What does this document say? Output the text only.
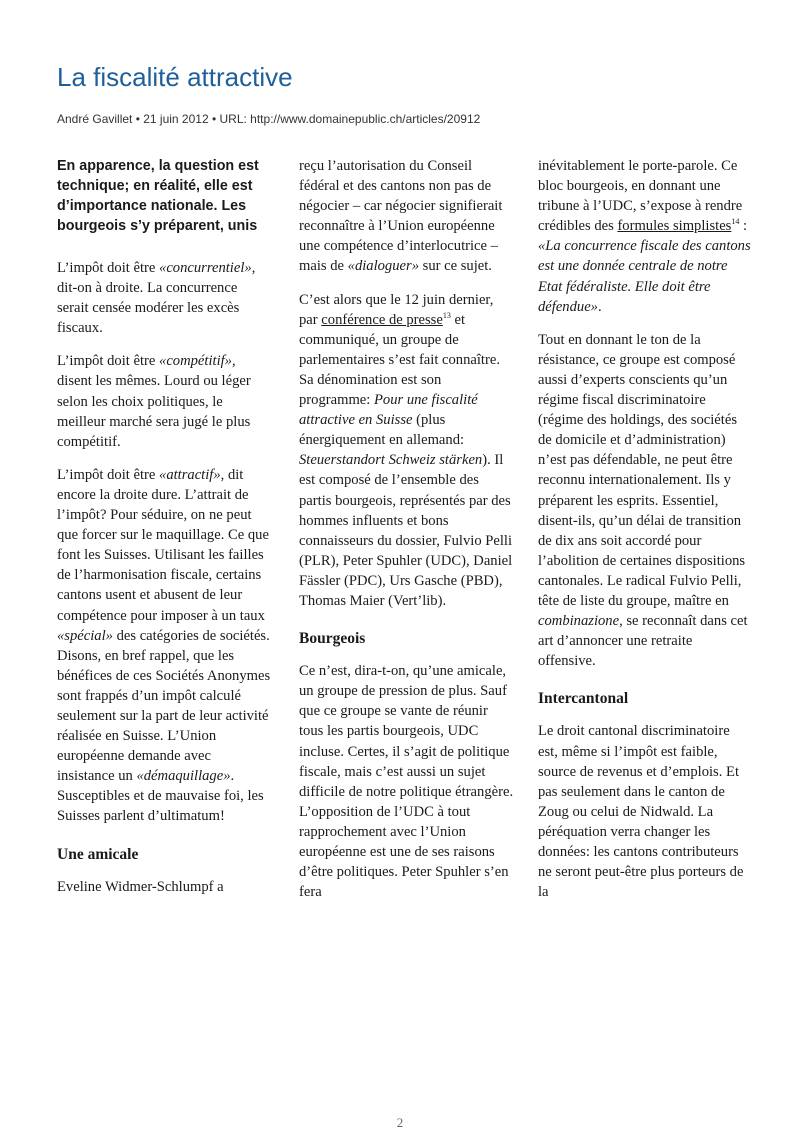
La fiscalité attractive
André Gavillet • 21 juin 2012 • URL: http://www.domainepublic.ch/articles/20912

En apparence, la question est technique; en réalité, elle est d’importance nationale. Les bourgeois s’y préparent, unis

L’impôt doit être «concurrentiel», dit-on à droite. La concurrence serait censée modérer les excès fiscaux.

L’impôt doit être «compétitif», disent les mêmes. Lourd ou léger selon les choix politiques, le meilleur marché sera jugé le plus compétitif.

L’impôt doit être «attractif», dit encore la droite dure. L’attrait de l’impôt? Pour séduire, on ne peut que forcer sur le maquillage. Ce que font les Suisses. Utilisant les failles de l’harmonisation fiscale, certains cantons usent et abusent de leur compétence pour imposer à un taux «spécial» des catégories de sociétés. Disons, en bref rappel, que les bénéfices de ces Sociétés Anonymes sont frappés d’un impôt calculé seulement sur la part de leur activité réalisée en Suisse. L’Union européenne demande avec insistance un «démaquillage». Susceptibles et de mauvaise foi, les Suisses parlent d’ultimatum!

Une amicale

Eveline Widmer-Schlumpf a

reçu l’autorisation du Conseil fédéral et des cantons non pas de négocier – car négocier signifierait reconnaître à l’Union européenne une compétence d’interlocutrice – mais de «dialoguer» sur ce sujet.

C’est alors que le 12 juin dernier, par conférence de presse$^{13}$ et communiqué, un groupe de parlementaires s’est fait connaître. Sa dénomination est son programme: Pour une fiscalité attractive en Suisse (plus énergiquement en allemand: Steuerstandort Schweiz stärken). Il est composé de l’ensemble des partis bourgeois, représentés par des hommes influents et bons connaisseurs du dossier, Fulvio Pelli (PLR), Peter Spuhler (UDC), Daniel Fässler (PDC), Urs Gasche (PBD), Thomas Maier (Vert’lib).

Bourgeois

Ce n’est, dira-t-on, qu’une amicale, un groupe de pression de plus. Sauf que ce groupe se vante de réunir tous les partis bourgeois, UDC incluse. Certes, il s’agit de politique fiscale, mais c’est aussi un sujet difficile de notre politique étrangère. L’opposition de l’UDC à tout rapprochement avec l’Union européenne est une de ses raisons d’être politiques. Peter Spuhler s’en fera

inévitablement le porte-parole. Ce bloc bourgeois, en donnant une tribune à l’UDC, s’expose à rendre crédibles des formules simplistes$^{14}$ : «La concurrence fiscale des cantons est une donnée centrale de notre Etat fédéraliste. Elle doit être défendue».

Tout en donnant le ton de la résistance, ce groupe est composé aussi d’experts conscients qu’un régime fiscal discriminatoire (régime des holdings, des sociétés de domicile et d’administration) n’est pas défendable, ne peut être reconnu internationalement. Ils y préparent les esprits. Essentiel, disent-ils, qu’un délai de transition de dix ans soit accordé pour l’abolition de certaines dispositions cantonales. Le radical Fulvio Pelli, tête de liste du groupe, maître en combinazione, se reconnaît dans cet art d’annoncer une retraite offensive.

Intercantonal

Le droit cantonal discriminatoire est, même si l’impôt est faible, source de revenus et d’emplois. Et pas seulement dans le canton de Zoug ou celui de Nidwald. La péréquation verra changer les données: les cantons contributeurs ne seront peut-être plus porteurs de la

2
